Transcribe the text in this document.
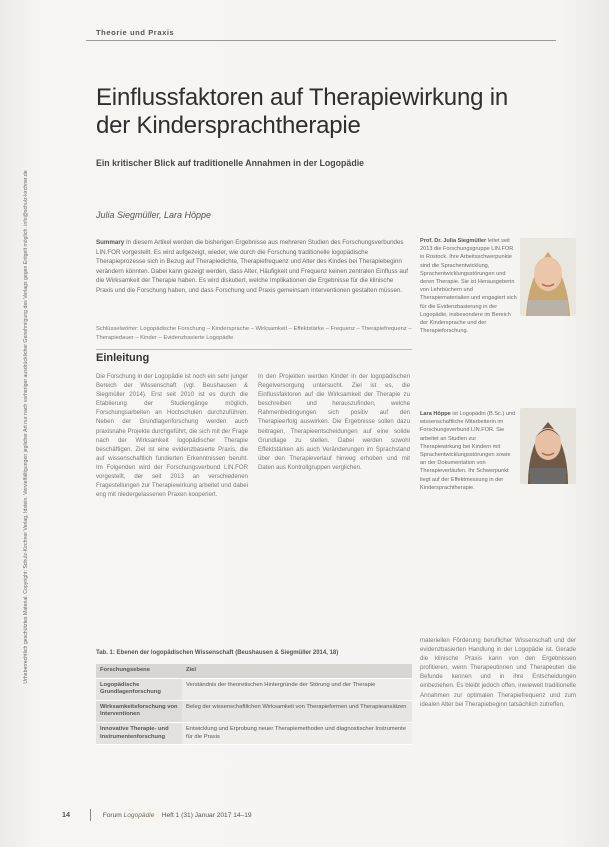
Urheberrechtlich geschütztes Material. Copyright: Schulz-Kirchner Verlag, Idstein. Vervielfältigungen jeglicher Art nur nach vorheriger ausdrücklicher Genehmigung des Verlags gegen Entgelt möglich. info@schulz-kirchner.de
Theorie und Praxis
Einflussfaktoren auf Therapiewirkung in der Kindersprachtherapie
Ein kritischer Blick auf traditionelle Annahmen in der Logopädie
Julia Siegmüller, Lara Höppe
Summary In diesem Artikel werden die bisherigen Ergebnisse aus mehreren Studien des Forschungsverbundes LIN.FOR vorgestellt. Es wird aufgezeigt, wieder, wie durch die Forschung traditionelle logopädische Therapieprozesse sich in Bezug auf Therapiedichte, Therapiefrequenz und Alter des Kindes bei Therapiebeginn verändern könnten. Dabei kann gezeigt werden, dass Alter, Häufigkeit und Frequenz keinen zentralen Einfluss auf die Wirksamkeit der Therapie haben. Es wird diskutiert, welche Implikationen die Ergebnisse für die klinische Praxis und die Forschung haben, und dass Forschung und Praxis gemeinsam Interventionen gestalten müssen.
Schlüsselwörter: Logopädische Forschung – Kindersprache – Wirksamkeit – Effektstärke – Frequenz – Therapiefrequenz – Therapiedauer – Kinder – Evidenzbasierte Logopädie
Prof. Dr. Julia Siegmüller leitet seit 2013 die Forschungsgruppe LIN.FOR in Rostock. Ihre Arbeitsschwerpunkte sind die Sprachentwicklung, Sprachentwicklungsstörungen und deren Therapie. Sie ist Herausgeberin von Lehrbüchern und Therapiematerialien und engagiert sich für die Evidenzbasierung in der Logopädie, insbesondere im Bereich der Kindersprache und der Therapieforschung.
Lara Höppe ist Logopädin (B.Sc.) und wissenschaftliche Mitarbeiterin im Forschungsverbund LIN.FOR. Sie arbeitet an Studien zur Therapiewirkung bei Kindern mit Sprachentwicklungsstörungen sowie an der Dokumentation von Therapieverläufen. Ihr Schwerpunkt liegt auf der Effektmessung in der Kindersprachtherapie.
Einleitung
Die Forschung in der Logopädie ist noch ein sehr junger Bereich der Wissenschaft (vgl. Beushausen & Siegmüller 2014). Erst seit 2010 ist es durch die Etablierung der Studiengänge möglich, Forschungsarbeiten an Hochschulen durchzuführen. Neben der Grundlagenforschung werden auch praxisnahe Projekte durchgeführt, die sich mit der Frage nach der Wirksamkeit logopädischer Therapie beschäftigen. Ziel ist eine evidenzbasierte Praxis, die auf wissenschaftlich fundierten Erkenntnissen beruht. Im Folgenden wird der Forschungsverbund LIN.FOR vorgestellt, der seit 2013 an verschiedenen Fragestellungen zur Therapiewirkung arbeitet und dabei eng mit niedergelassenen Praxen kooperiert.
In den Projekten werden Kinder in der logopädischen Regelversorgung untersucht. Ziel ist es, die Einflussfaktoren auf die Wirksamkeit der Therapie zu beschreiben und herauszufinden, welche Rahmenbedingungen sich positiv auf den Therapieerfolg auswirken. Die Ergebnisse sollen dazu beitragen, Therapieentscheidungen auf eine solide Grundlage zu stellen. Dabei werden sowohl Effektstärken als auch Veränderungen im Sprachstand über den Therapieverlauf hinweg erhoben und mit Daten aus Kontrollgruppen verglichen.
materiellen Förderung beruflicher Wissenschaft und der evidenzbasierten Handlung in der Logopädie ist. Gerade die klinische Praxis kann von den Ergebnissen profitieren, wenn Therapeutinnen und Therapeuten die Befunde kennen und in ihre Entscheidungen einbeziehen. Es bleibt jedoch offen, inwieweit traditionelle Annahmen zur optimalen Therapiefrequenz und zum idealen Alter bei Therapiebeginn tatsächlich zutreffen.
Tab. 1: Ebenen der logopädischen Wissenschaft (Beushausen & Siegmüller 2014, 18)
Forschungsebene	Ziel
Logopädische Grundlagenforschung	Verständnis der theoretischen Hintergründe der Störung und der Therapie
Wirksamkeitsforschung von Interventionen	Beleg der wissenschaftlichen Wirksamkeit von Therapieformen und Therapieansätzen
Innovative Therapie- und Instrumentenforschung	Entwicklung und Erprobung neuer Therapiemethoden und diagnostischer Instrumente für die Praxis
14	Forum Logopädie Heft 1 (31) Januar 2017 14–19
